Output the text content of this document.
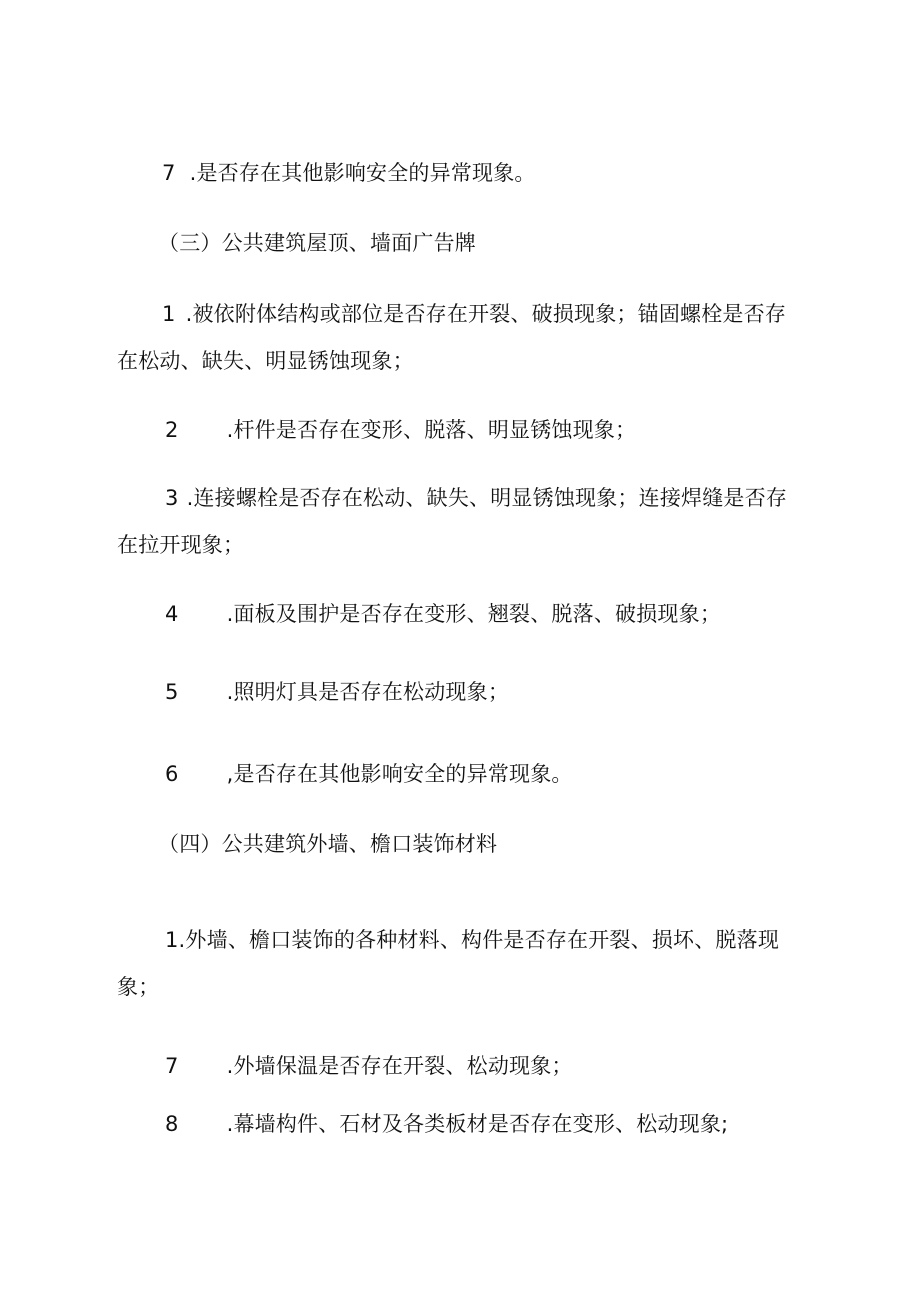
7 .是否存在其他影响安全的异常现象。
（三）公共建筑屋顶、墙面广告牌
1 .被依附体结构或部位是否存在开裂、破损现象；锚固螺栓是否存
在松动、缺失、明显锈蚀现象；
2 .杆件是否存在变形、脱落、明显锈蚀现象；
3 .连接螺栓是否存在松动、缺失、明显锈蚀现象；连接焊缝是否存
在拉开现象；
4 .面板及围护是否存在变形、翘裂、脱落、破损现象；
5 .照明灯具是否存在松动现象；
6 ,是否存在其他影响安全的异常现象。
（四）公共建筑外墙、檐口装饰材料
1.外墙、檐口装饰的各种材料、构件是否存在开裂、损坏、脱落现
象；
7 .外墙保温是否存在开裂、松动现象；
8 .幕墙构件、石材及各类板材是否存在变形、松动现象;
